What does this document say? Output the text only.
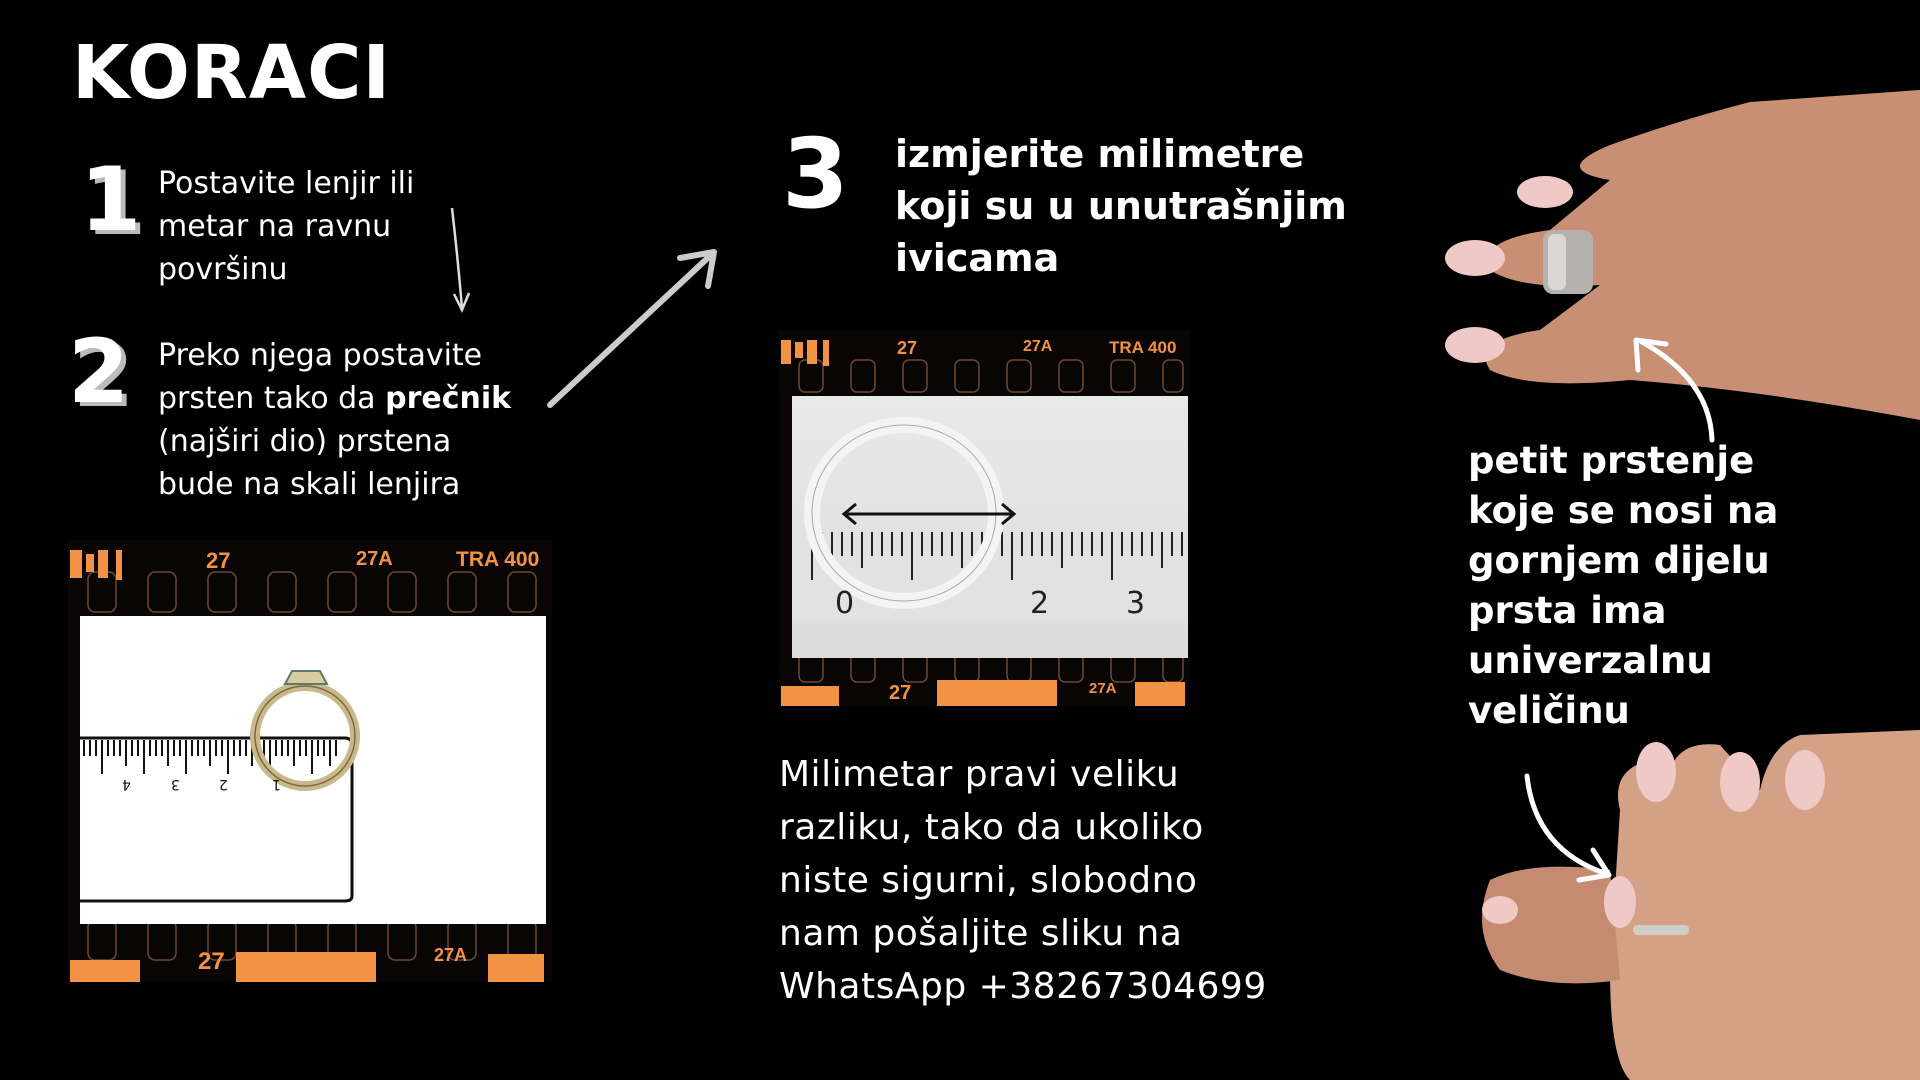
KORACI
1 Postavite lenjir ili
metar na ravnu
površinu
2 Preko njega postavite
prsten tako da prečnik
(najširi dio) prstena
bude na skali lenjira
27	27A	TRA 400
27	27A
4	3	2	1
3 izmjerite milimetre
koji su u unutrašnjim
ivicama
27	27A	TRA 400
27	27A
0	2	3
Milimetar pravi veliku
razliku, tako da ukoliko
niste sigurni, slobodno
nam pošaljite sliku na
WhatsApp +38267304699
petit prstenje
koje se nosi na
gornjem dijelu
prsta ima
univerzalnu
veličinu
